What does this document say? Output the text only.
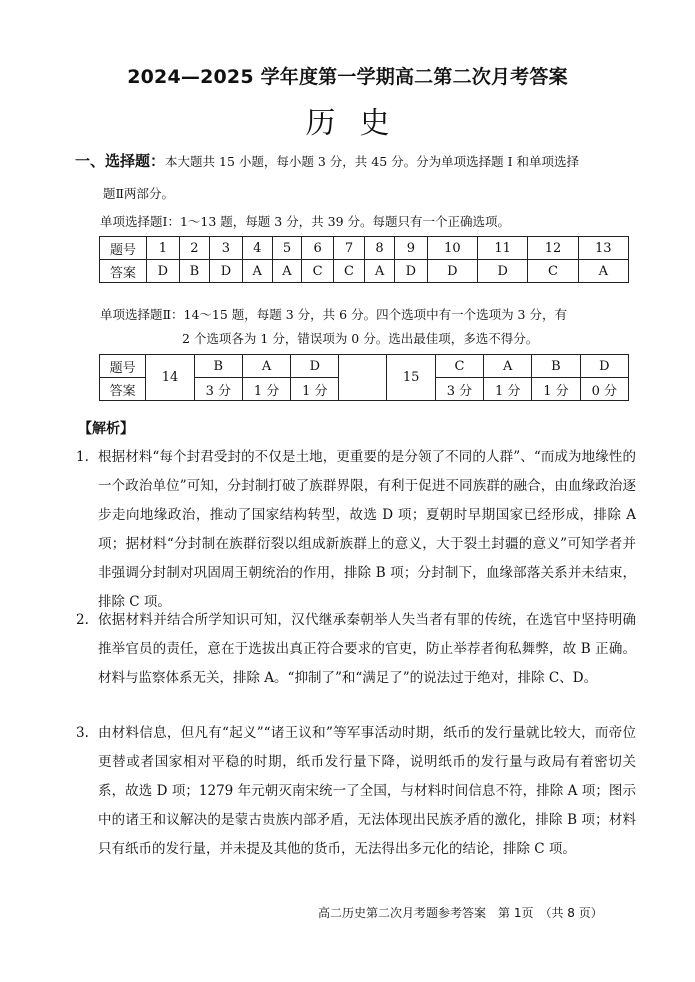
2024—2025 学年度第一学期高二第二次月考答案
历史
一、选择题：本大题共 15 小题，每小题 3 分，共 45 分。分为单项选择题 Ⅰ 和单项选择
题Ⅱ两部分。
单项选择题Ⅰ：1～13 题，每题 3 分，共 39 分。每题只有一个正确选项。
题号	1	2	3	4	5	6	7	8	9	10	11	12	13
答案	D	B	D	A	A	C	C	A	D	D	D	C	A
单项选择题Ⅱ：14～15 题，每题 3 分，共 6 分。四个选项中有一个选项为 3 分，有
2 个选项各为 1 分，错误项为 0 分。选出最佳项，多选不得分。
题号	14	B	A	D		15	C	A	B	D
答案		3 分	1 分	1 分			3 分	1 分	1 分	0 分
【解析】
1. 根据材料“每个封君受封的不仅是土地，更重要的是分领了不同的人群”、“而成为地缘性的一个政治单位”可知，分封制打破了族群界限，有利于促进不同族群的融合，由血缘政治逐步走向地缘政治，推动了国家结构转型，故选 D 项；夏朝时早期国家已经形成，排除 A 项；据材料“分封制在族群衍裂以组成新族群上的意义，大于裂土封疆的意义”可知学者并非强调分封制对巩固周王朝统治的作用，排除 B 项；分封制下，血缘部落关系并未结束，排除 C 项。
2. 依据材料并结合所学知识可知，汉代继承秦朝举人失当者有罪的传统，在选官中坚持明确推举官员的责任，意在于选拔出真正符合要求的官吏，防止举荐者徇私舞弊，故 B 正确。材料与监察体系无关，排除 A。“抑制了”和“满足了”的说法过于绝对，排除 C、D。
3. 由材料信息，但凡有“起义”“诸王议和”等军事活动时期，纸币的发行量就比较大，而帝位更替或者国家相对平稳的时期，纸币发行量下降，说明纸币的发行量与政局有着密切关系，故选 D 项；1279 年元朝灭南宋统一了全国，与材料时间信息不符，排除 A 项；图示中的诸王和议解决的是蒙古贵族内部矛盾，无法体现出民族矛盾的激化，排除 B 项；材料只有纸币的发行量，并未提及其他的货币，无法得出多元化的结论，排除 C 项。
高二历史第二次月考题参考答案　第 1页　（共 8 页）
